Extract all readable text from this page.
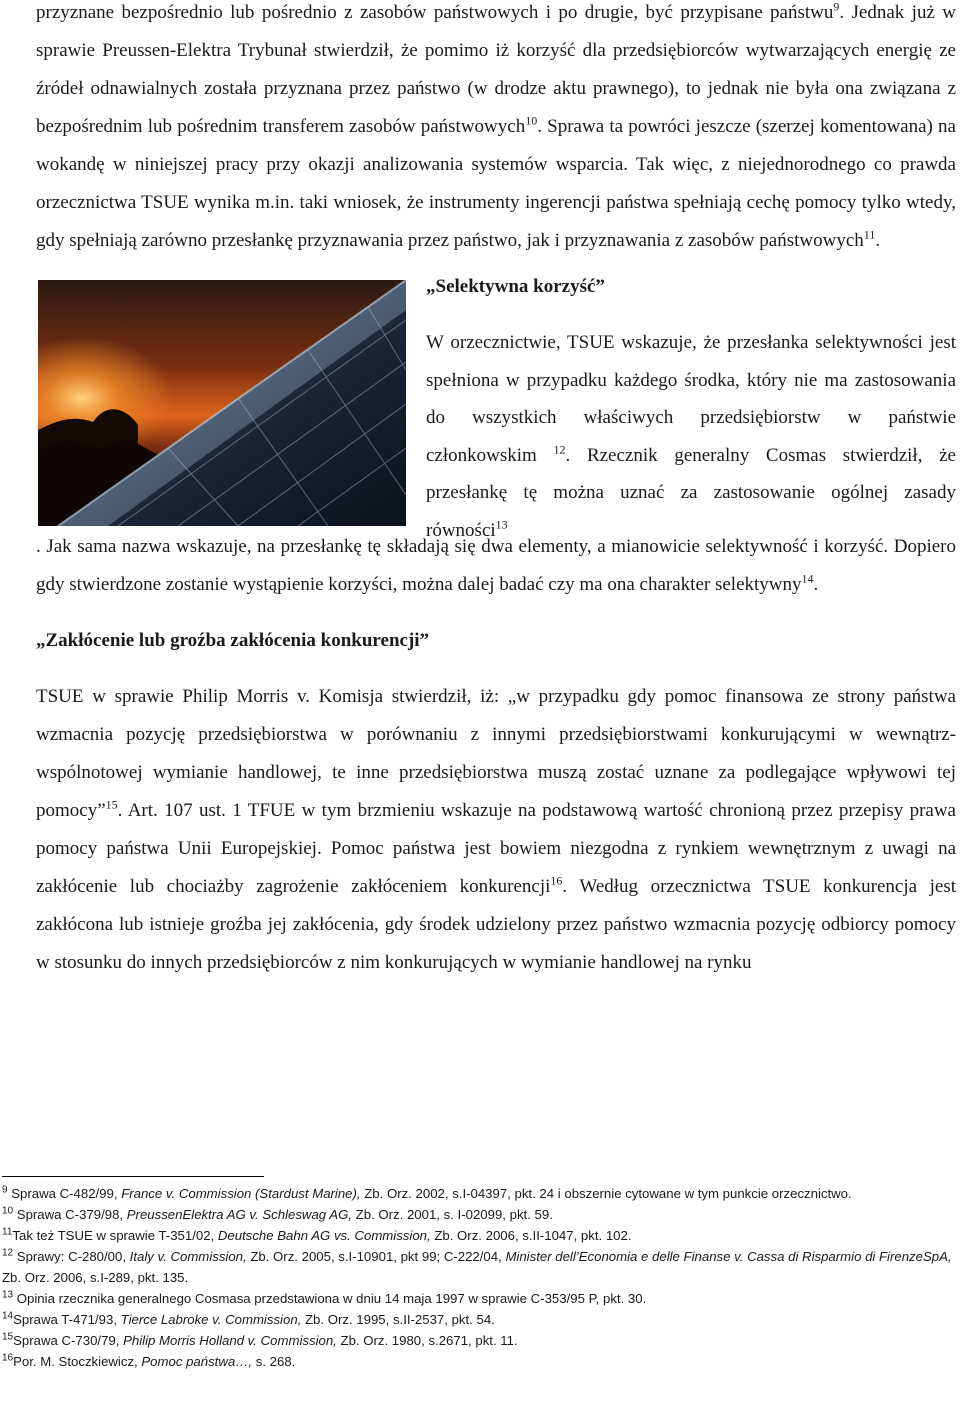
przyznane bezpośrednio lub pośrednio z zasobów państwowych i po drugie, być przypisane państwu$^9$. Jednak już w sprawie Preussen-Elektra Trybunał stwierdził, że pomimo iż korzyść dla przedsiębiorców wytwarzających energię ze źródeł odnawialnych została przyznana przez państwo (w drodze aktu prawnego), to jednak nie była ona związana z bezpośrednim lub pośrednim transferem zasobów państwowych$^{10}$. Sprawa ta powróci jeszcze (szerzej komentowana) na wokandę w niniejszej pracy przy okazji analizowania systemów wsparcia. Tak więc, z niejednorodnego co prawda orzecznictwa TSUE wynika m.in. taki wniosek, że instrumenty ingerencji państwa spełniają cechę pomocy tylko wtedy, gdy spełniają zarówno przesłankę przyznawania przez państwo, jak i przyznawania z zasobów państwowych$^{11}$.

„Selektywna korzyść”

W orzecznictwie, TSUE wskazuje, że przesłanka selektywności jest spełniona w przypadku każdego środka, który nie ma zastosowania do wszystkich właściwych przedsiębiorstw w państwie członkowskim $^{12}$. Rzecznik generalny Cosmas stwierdził, że przesłankę tę można uznać za zastosowanie ogólnej zasady równości$^{13}$

. Jak sama nazwa wskazuje, na przesłankę tę składają się dwa elementy, a mianowicie selektywność i korzyść. Dopiero gdy stwierdzone zostanie wystąpienie korzyści, można dalej badać czy ma ona charakter selektywny$^{14}$.

„Zakłócenie lub groźba zakłócenia konkurencji”

TSUE w sprawie Philip Morris v. Komisja stwierdził, iż: „w przypadku gdy pomoc finansowa ze strony państwa wzmacnia pozycję przedsiębiorstwa w porównaniu z innymi przedsiębiorstwami konkurującymi w wewnątrz-wspólnotowej wymianie handlowej, te inne przedsiębiorstwa muszą zostać uznane za podlegające wpływowi tej pomocy”$^{15}$. Art. 107 ust. 1 TFUE w tym brzmieniu wskazuje na podstawową wartość chronioną przez przepisy prawa pomocy państwa Unii Europejskiej. Pomoc państwa jest bowiem niezgodna z rynkiem wewnętrznym z uwagi na zakłócenie lub chociażby zagrożenie zakłóceniem konkurencji$^{16}$. Według orzecznictwa TSUE konkurencja jest zakłócona lub istnieje groźba jej zakłócenia, gdy środek udzielony przez państwo wzmacnia pozycję odbiorcy pomocy w stosunku do innych przedsiębiorców z nim konkurujących w wymianie handlowej na rynku

$^9$ Sprawa C-482/99, France v. Commission (Stardust Marine), Zb. Orz. 2002, s.I-04397, pkt. 24 i obszernie cytowane w tym punkcie orzecznictwo.

$^{10}$ Sprawa C-379/98, PreussenElektra AG v. Schleswag AG, Zb. Orz. 2001, s. I-02099, pkt. 59.

$^{11}$Tak też TSUE w sprawie T-351/02, Deutsche Bahn AG vs. Commission, Zb. Orz. 2006, s.II-1047, pkt. 102.

$^{12}$ Sprawy: C-280/00, Italy v. Commission, Zb. Orz. 2005, s.I-10901, pkt 99; C-222/04, Minister dell’Economia e delle Finanse v. Cassa di Risparmio di FirenzeSpA, Zb. Orz. 2006, s.I-289, pkt. 135.

$^{13}$ Opinia rzecznika generalnego Cosmasa przedstawiona w dniu 14 maja 1997 w sprawie C-353/95 P, pkt. 30.

$^{14}$Sprawa T-471/93, Tierce Labroke v. Commission, Zb. Orz. 1995, s.II-2537, pkt. 54.

$^{15}$Sprawa C-730/79, Philip Morris Holland v. Commission, Zb. Orz. 1980, s.2671, pkt. 11.

$^{16}$Por. M. Stoczkiewicz, Pomoc państwa…, s. 268.
